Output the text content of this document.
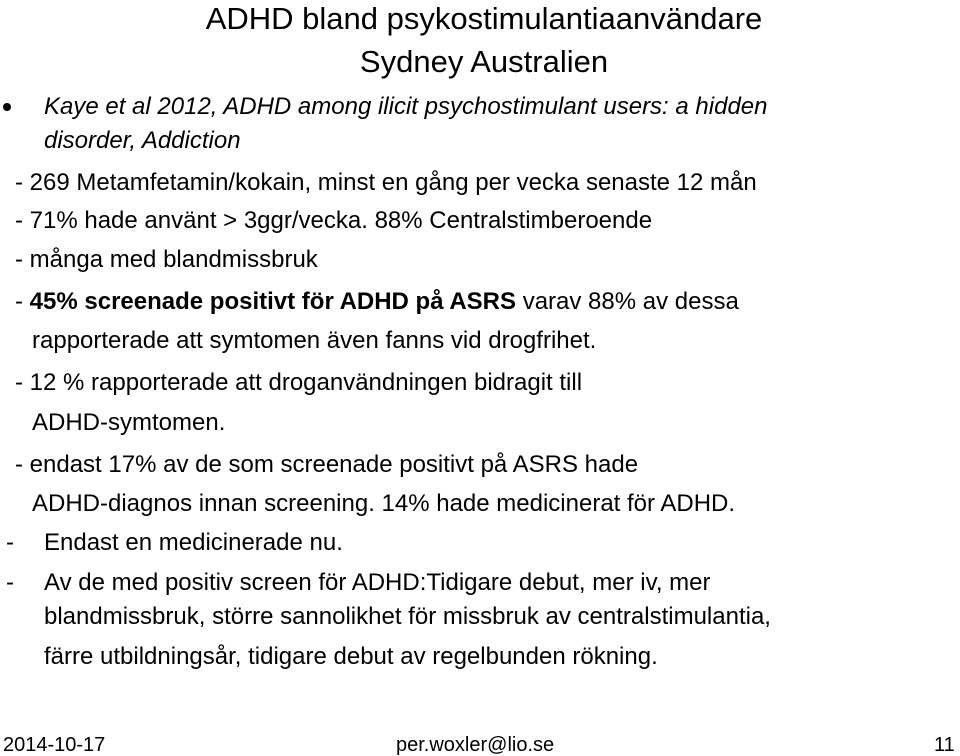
ADHD bland psykostimulantiaanvändare
Sydney Australien
Kaye et al 2012, ADHD among ilicit psychostimulant users: a hidden
disorder, Addiction
- 269 Metamfetamin/kokain, minst en gång per vecka senaste 12 mån
- 71% hade använt > 3ggr/vecka. 88% Centralstimberoende
- många med blandmissbruk
- 45% screenade positivt för ADHD på ASRS varav 88% av dessa
rapporterade att symtomen även fanns vid drogfrihet.
- 12 % rapporterade att droganvändningen bidragit till
ADHD-symtomen.
- endast 17% av de som screenade positivt på ASRS hade
ADHD-diagnos innan screening. 14% hade medicinerat för ADHD.
- Endast en medicinerade nu.
- Av de med positiv screen för ADHD:Tidigare debut, mer iv, mer
blandmissbruk, större sannolikhet för missbruk av centralstimulantia,
färre utbildningsår, tidigare debut av regelbunden rökning.
2014-10-17	per.woxler@lio.se	11
